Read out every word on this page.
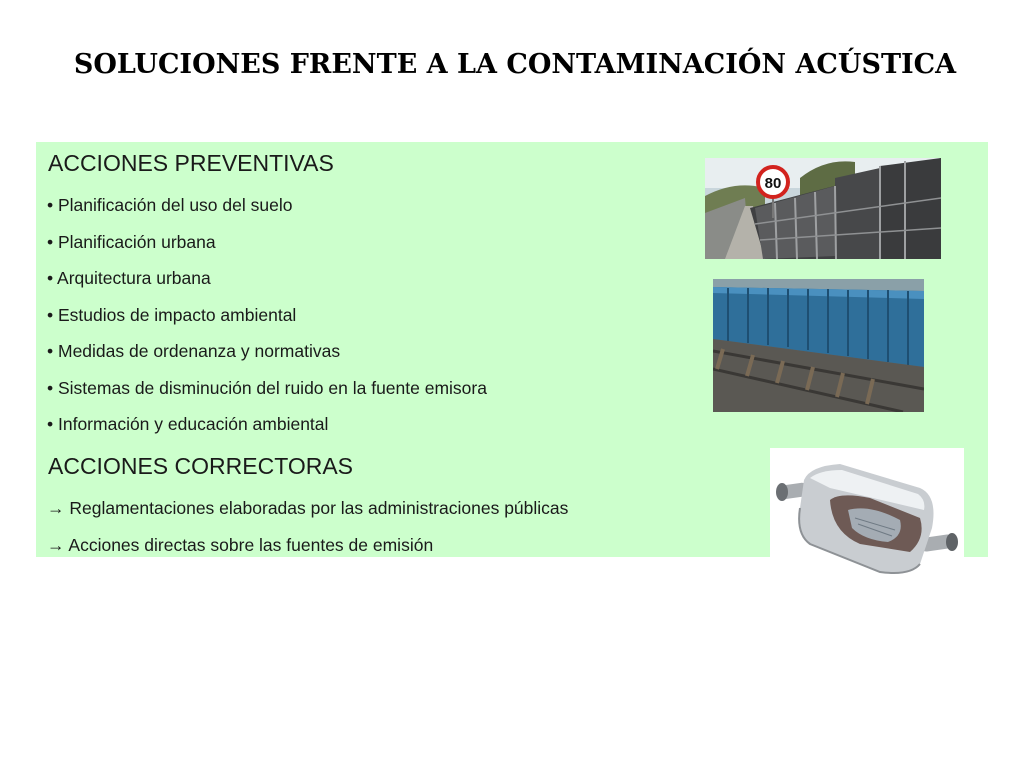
SOLUCIONES FRENTE A LA CONTAMINACIÓN ACÚSTICA
ACCIONES PREVENTIVAS
• Planificación del uso del suelo
• Planificación urbana
• Arquitectura urbana
• Estudios de impacto ambiental
• Medidas de ordenanza y normativas
• Sistemas de disminución del ruido en la fuente emisora
• Información y educación ambiental
ACCIONES CORRECTORAS
→ Reglamentaciones elaboradas por las administraciones públicas
→ Acciones directas sobre las fuentes de emisión
80
